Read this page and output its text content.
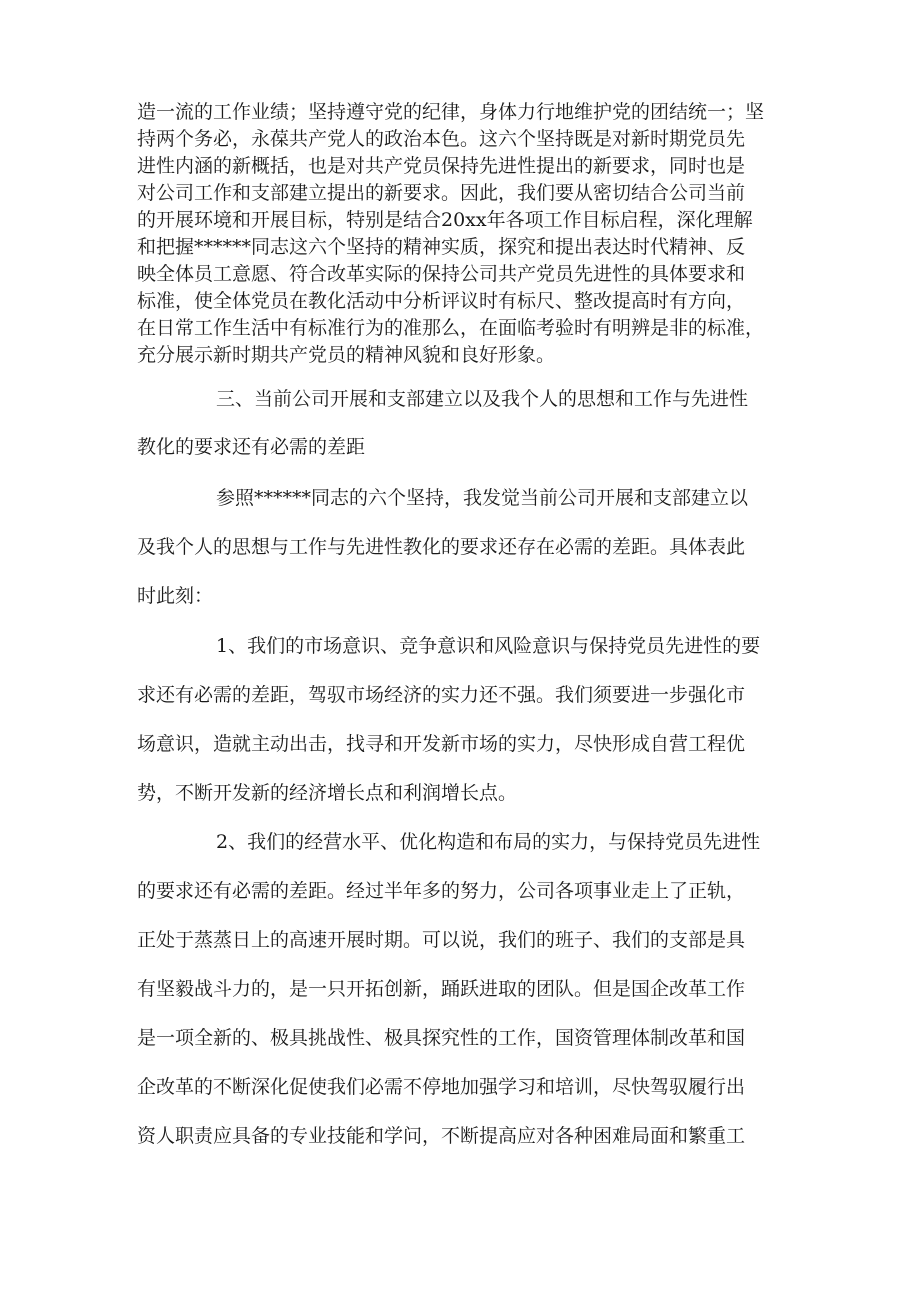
造一流的工作业绩；坚持遵守党的纪律，身体力行地维护党的团结统一；坚
持两个务必，永葆共产党人的政治本色。这六个坚持既是对新时期党员先
进性内涵的新概括，也是对共产党员保持先进性提出的新要求，同时也是
对公司工作和支部建立提出的新要求。因此，我们要从密切结合公司当前
的开展环境和开展目标，特别是结合20xx年各项工作目标启程，深化理解
和把握******同志这六个坚持的精神实质，探究和提出表达时代精神、反
映全体员工意愿、符合改革实际的保持公司共产党员先进性的具体要求和
标准，使全体党员在教化活动中分析评议时有标尺、整改提高时有方向，
在日常工作生活中有标准行为的准那么，在面临考验时有明辨是非的标准，
充分展示新时期共产党员的精神风貌和良好形象。
三、当前公司开展和支部建立以及我个人的思想和工作与先进性
教化的要求还有必需的差距
参照******同志的六个坚持，我发觉当前公司开展和支部建立以
及我个人的思想与工作与先进性教化的要求还存在必需的差距。具体表此
时此刻：
1、我们的市场意识、竞争意识和风险意识与保持党员先进性的要
求还有必需的差距，驾驭市场经济的实力还不强。我们须要进一步强化市
场意识，造就主动出击，找寻和开发新市场的实力，尽快形成自营工程优
势，不断开发新的经济增长点和利润增长点。
2、我们的经营水平、优化构造和布局的实力，与保持党员先进性
的要求还有必需的差距。经过半年多的努力，公司各项事业走上了正轨，
正处于蒸蒸日上的高速开展时期。可以说，我们的班子、我们的支部是具
有坚毅战斗力的，是一只开拓创新，踊跃进取的团队。但是国企改革工作
是一项全新的、极具挑战性、极具探究性的工作，国资管理体制改革和国
企改革的不断深化促使我们必需不停地加强学习和培训，尽快驾驭履行出
资人职责应具备的专业技能和学问，不断提高应对各种困难局面和繁重工
